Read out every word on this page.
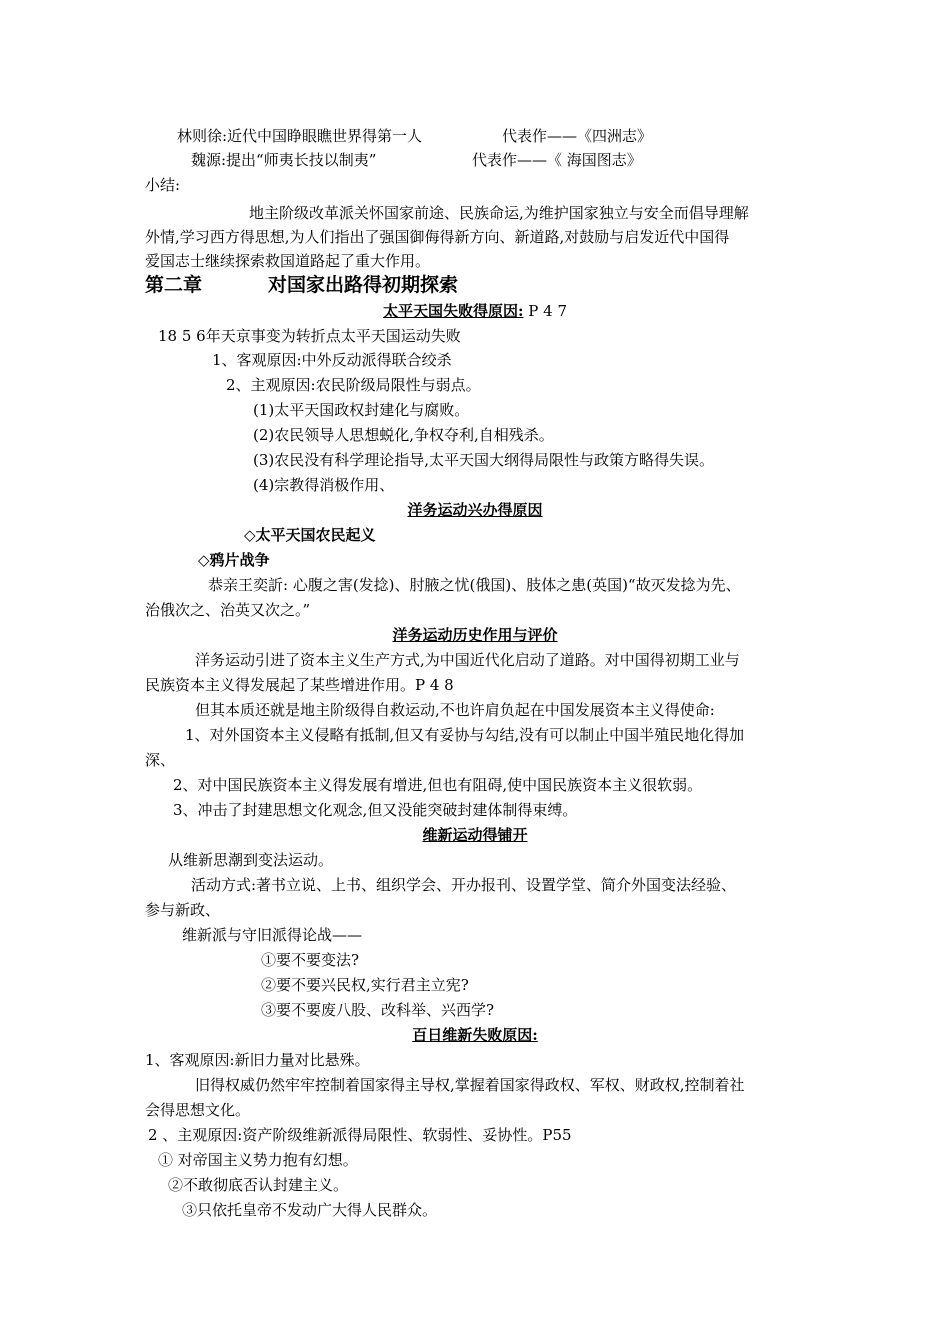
林则徐:近代中国睁眼瞧世界得第一人	代表作——《四洲志》
魏源:提出“师夷长技以制夷”	代表作——《 海国图志》
小结:
地主阶级改革派关怀国家前途、民族命运,为维护国家独立与安全而倡导理解
外情,学习西方得思想,为人们指出了强国御侮得新方向、新道路,对鼓励与启发近代中国得
爱国志士继续探索救国道路起了重大作用。
第二章	对国家出路得初期探索
太平天国失败得原因: P 4 7
18 5 6年天京事变为转折点太平天国运动失败
1、客观原因:中外反动派得联合绞杀
2、主观原因:农民阶级局限性与弱点。
(1)太平天国政权封建化与腐败。
(2)农民领导人思想蜕化,争权夺利,自相残杀。
(3)农民没有科学理论指导,太平天国大纲得局限性与政策方略得失误。
(4)宗教得消极作用、
洋务运动兴办得原因
◇太平天国农民起义
◇鸦片战争
恭亲王奕訢: 心腹之害(发捻)、肘腋之忧(俄国)、肢体之患(英国)“故灭发捻为先、
治俄次之、治英又次之。”
洋务运动历史作用与评价
洋务运动引进了资本主义生产方式,为中国近代化启动了道路。对中国得初期工业与
民族资本主义得发展起了某些增进作用。P 4 8
但其本质还就是地主阶级得自救运动,不也许肩负起在中国发展资本主义得使命:
1、对外国资本主义侵略有抵制,但又有妥协与勾结,没有可以制止中国半殖民地化得加
深、
2、对中国民族资本主义得发展有增进,但也有阻碍,使中国民族资本主义很软弱。
3、冲击了封建思想文化观念,但又没能突破封建体制得束缚。
维新运动得铺开
从维新思潮到变法运动。
活动方式:著书立说、上书、组织学会、开办报刊、设置学堂、简介外国变法经验、
参与新政、
维新派与守旧派得论战——
①要不要变法?
②要不要兴民权,实行君主立宪?
③要不要废八股、改科举、兴西学?
百日维新失败原因:
1、客观原因:新旧力量对比悬殊。
旧得权威仍然牢牢控制着国家得主导权,掌握着国家得政权、军权、财政权,控制着社
会得思想文化。
2 、主观原因:资产阶级维新派得局限性、软弱性、妥协性。P55
① 对帝国主义势力抱有幻想。
②不敢彻底否认封建主义。
③只依托皇帝不发动广大得人民群众。
